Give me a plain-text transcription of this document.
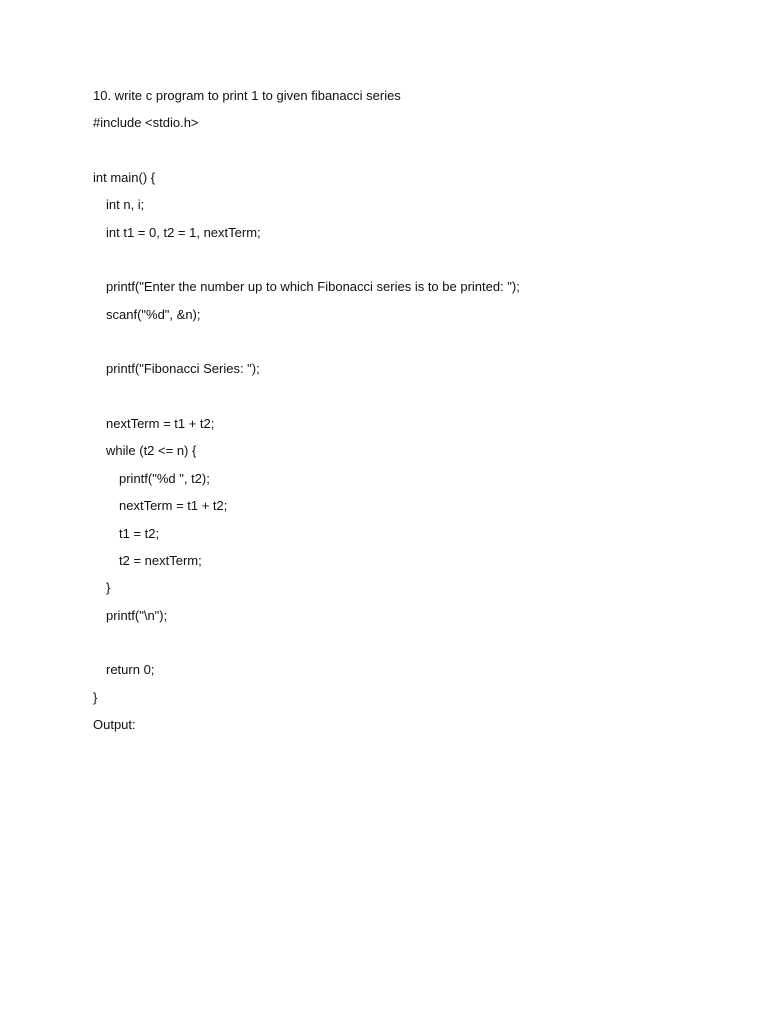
10. write c program to print 1 to given fibanacci series
#include <stdio.h>
int main() {
int n, i;
int t1 = 0, t2 = 1, nextTerm;
printf("Enter the number up to which Fibonacci series is to be printed: ");
scanf("%d", &n);
printf("Fibonacci Series: ");
nextTerm = t1 + t2;
while (t2 <= n) {
printf("%d ", t2);
nextTerm = t1 + t2;
t1 = t2;
t2 = nextTerm;
}
printf("\n");
return 0;
}
Output:
